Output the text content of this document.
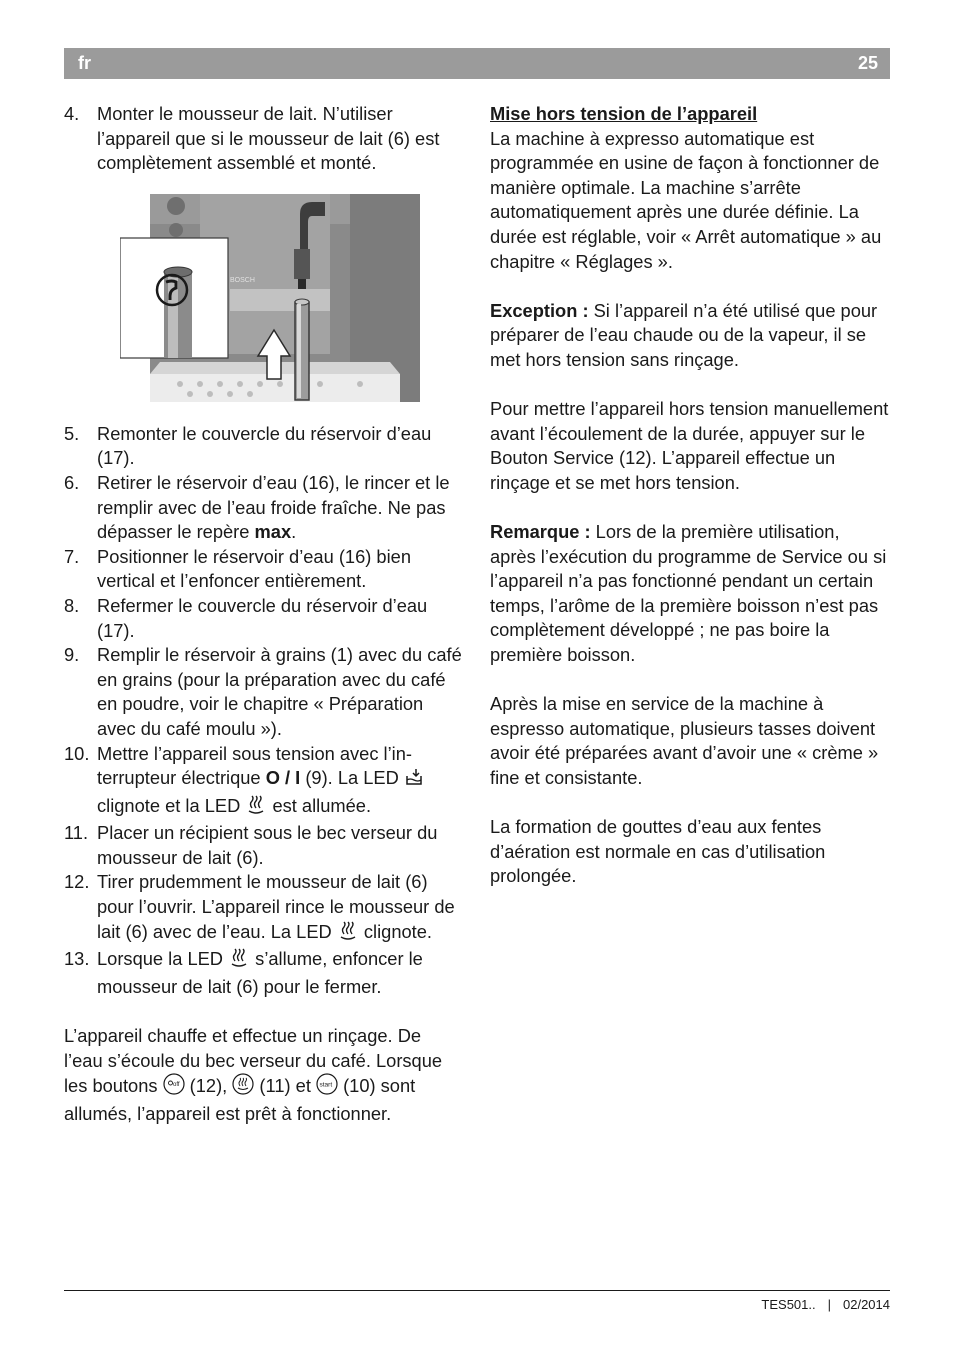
fr	25
4. Monter le mousseur de lait. N’utiliser l’appareil que si le mousseur de lait (6) est complètement assemblé et monté.
BOSCH
5. Remonter le couvercle du réservoir d’eau (17).
6. Retirer le réservoir d’eau (16), le rincer et le remplir avec de l’eau froide fraîche. Ne pas dépasser le repère max.
7. Positionner le réservoir d’eau (16) bien vertical et l’enfoncer entièrement.
8. Refermer le couvercle du réservoir d’eau (17).
9. Remplir le réservoir à grains (1) avec du café en grains (pour la préparation avec du café en poudre, voir le chapitre « Préparation avec du café moulu »).
10. Mettre l’appareil sous tension avec l’interrupteur électrique O / I (9). La LED  clignote et la LED  est allumée.
11. Placer un récipient sous le bec verseur du mousseur de lait (6).
12. Tirer prudemment le mousseur de lait (6) pour l’ouvrir. L’appareil rince le mousseur de lait (6) avec de l’eau. La LED  clignote.
13. Lorsque la LED  s’allume, enfoncer le mousseur de lait (6) pour le fermer.

L’appareil chauffe et effectue un rinçage. De l’eau s’écoule du bec verseur du café. Lorsque les boutons off (12),  (11) et start (10) sont allumés, l’appareil est prêt à fonctionner.

Mise hors tension de l’appareil

La machine à expresso automatique est programmée en usine de façon à fonctionner de manière optimale. La machine s’arrête automatiquement après une durée définie. La durée est réglable, voir « Arrêt automatique » au chapitre « Réglages ».

Exception : Si l’appareil n’a été utilisé que pour préparer de l’eau chaude ou de la vapeur, il se met hors tension sans rinçage.

Pour mettre l’appareil hors tension manuellement avant l’écoulement de la durée, appuyer sur le Bouton Service (12). L’appareil effectue un rinçage et se met hors tension.

Remarque : Lors de la première utilisation, après l’exécution du programme de Service ou si l’appareil n’a pas fonctionné pendant un certain temps, l’arôme de la première boisson n’est pas complètement développé ; ne pas boire la première boisson.

Après la mise en service de la machine à espresso automatique, plusieurs tasses doivent avoir été préparées avant d’avoir une « crème » fine et consistante.

La formation de gouttes d’eau aux fentes d’aération est normale en cas d’utilisation prolongée.

TES501.. | 02/2014
